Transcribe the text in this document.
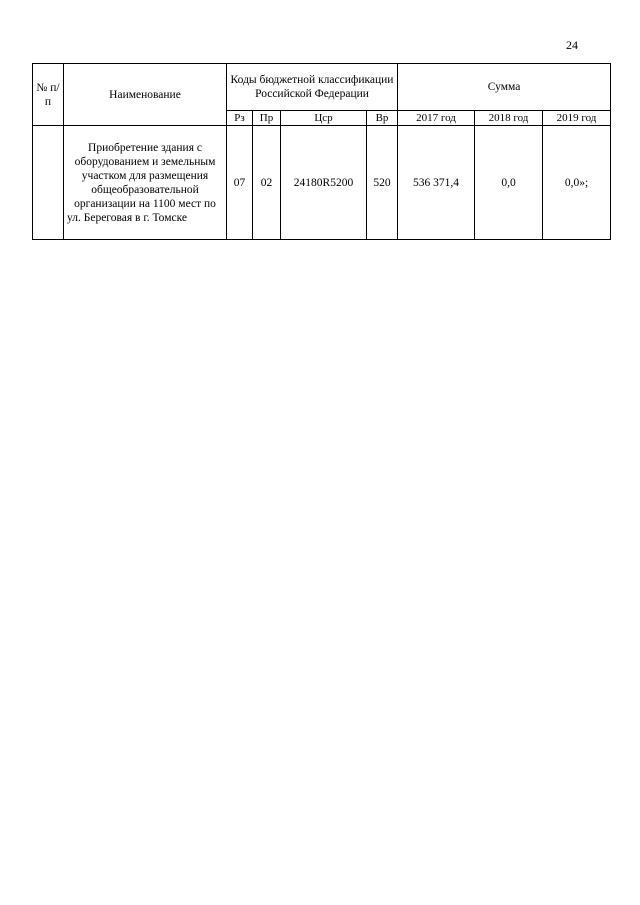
24
№ п/п	Наименование	Коды бюджетной классификации Российской Федерации				Сумма		
		Рз	Пр	Цср	Вр	2017 год	2018 год	2019 год
	Приобретение здания с оборудованием и земельным участком для размещения общеобразовательной организации на 1100 мест по ул. Береговая в г. Томске	07	02	24180R5200	520	536 371,4	0,0	0,0»;
